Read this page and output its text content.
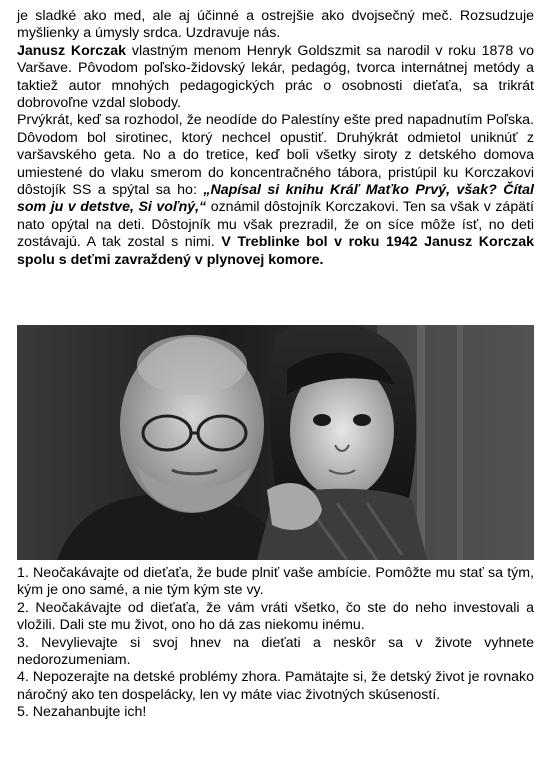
je sladké ako med, ale aj účinné a ostrejšie ako dvojsečný meč. Rozsudzuje myšlienky a úmysly srdca. Uzdravuje nás.

Janusz Korczak vlastným menom Henryk Goldszmit sa narodil v roku 1878 vo Varšave. Pôvodom poľsko-židovský lekár, pedagóg, tvorca internátnej metódy a taktiež autor mnohých pedagogických prác o osobnosti dieťaťa, sa trikrát dobrovoľne vzdal slobody.

Prvýkrát, keď sa rozhodol, že neodíde do Palestíny ešte pred napadnutím Poľska. Dôvodom bol sirotinec, ktorý nechcel opustiť. Druhýkrát odmietol uniknúť z varšavského geta. No a do tretice, keď boli všetky siroty z detského domova umiestené do vlaku smerom do koncentračného tábora, pristúpil ku Korczakovi dôstojík SS a spýtal sa ho: „Napísal si knihu Kráľ Maťko Prvý, však? Čítal som ju v detstve, Si voľný,“ oznámil dôstojník Korczakovi. Ten sa však v zápätí nato opýtal na deti. Dôstojník mu však prezradil, že on síce môže ísť, no deti zostávajú. A tak zostal s nimi. V Treblinke bol v roku 1942 Janusz Korczak spolu s deťmi zavraždený v plynovej komore.

1. Neočakávajte od dieťaťa, že bude plniť vaše ambície. Pomôžte mu stať sa tým, kým je ono samé, a nie tým kým ste vy.

2. Neočakávajte od dieťaťa, že vám vráti všetko, čo ste do neho investovali a vložili. Dali ste mu život, ono ho dá zas niekomu inému.

3. Nevylievajte si svoj hnev na dieťati a neskôr sa v živote vyhnete nedorozumeniam.

4. Nepozerajte na detské problémy zhora. Pamätajte si, že detský život je rovnako náročný ako ten dospelácky, len vy máte viac životných skúseností.

5. Nezahanbujte ich!
